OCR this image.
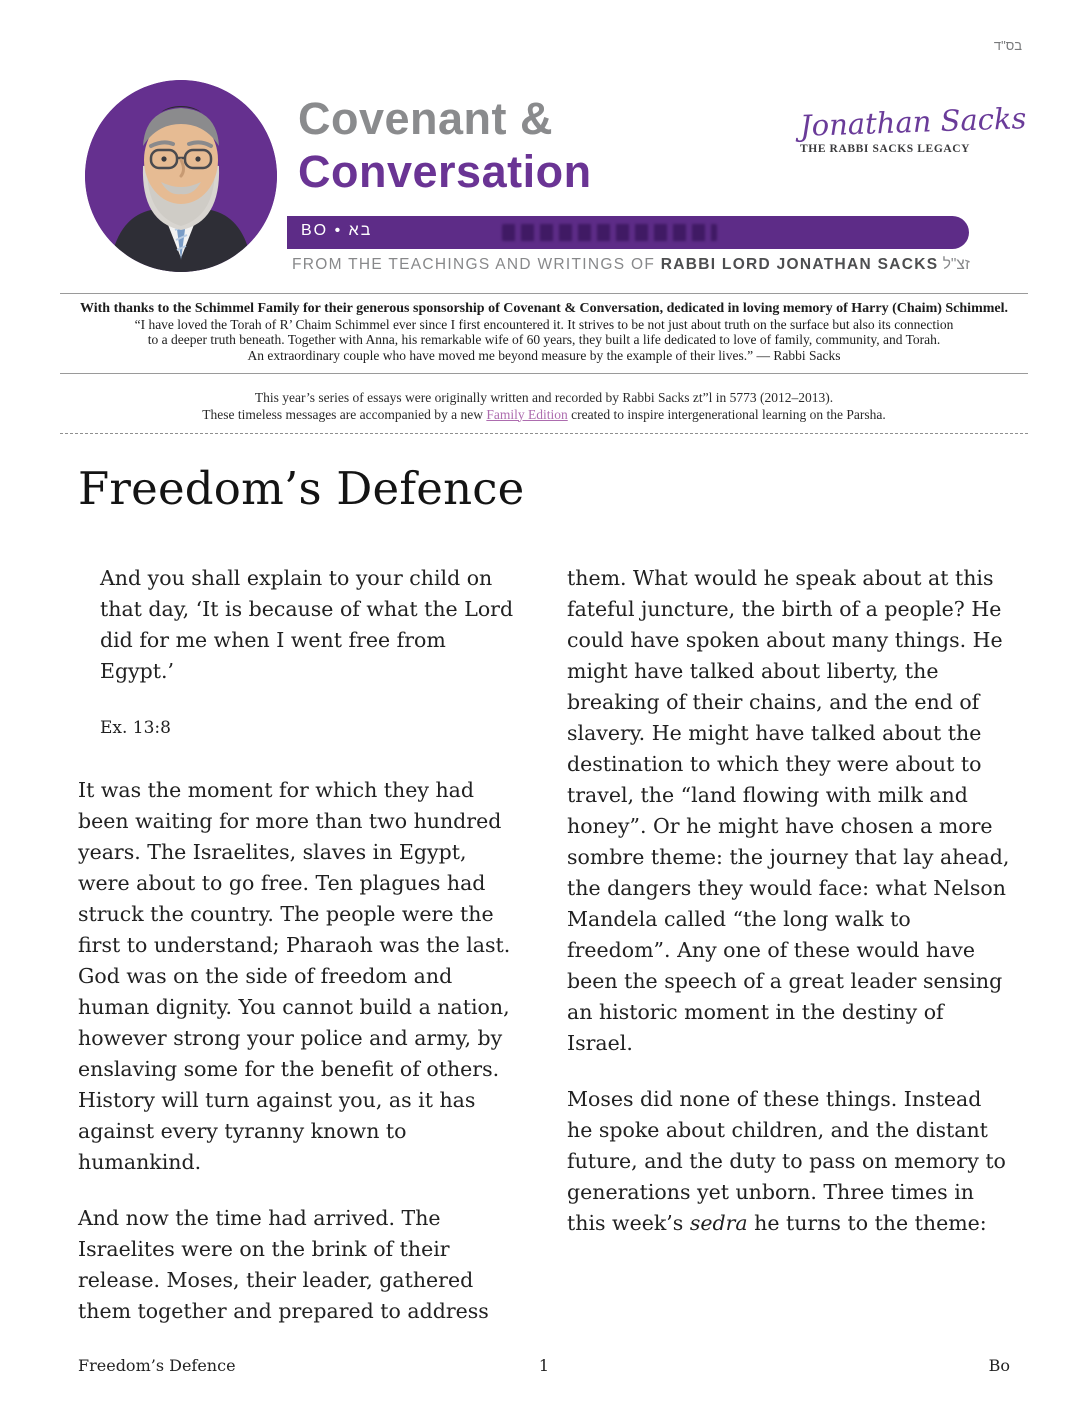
בס"ד
Covenant &
Conversation
BO • בא
FROM THE TEACHINGS AND WRITINGS OF RABBI LORD JONATHAN SACKS זצ"ל
Jonathan Sacks
THE RABBI SACKS LEGACY
With thanks to the Schimmel Family for their generous sponsorship of Covenant & Conversation, dedicated in loving memory of Harry (Chaim) Schimmel.
“I have loved the Torah of R’ Chaim Schimmel ever since I first encountered it. It strives to be not just about truth on the surface but also its connection
to a deeper truth beneath. Together with Anna, his remarkable wife of 60 years, they built a life dedicated to love of family, community, and Torah.
An extraordinary couple who have moved me beyond measure by the example of their lives.” — Rabbi Sacks
This year’s series of essays were originally written and recorded by Rabbi Sacks zt”l in 5773 (2012–2013).
These timeless messages are accompanied by a new Family Edition created to inspire intergenerational learning on the Parsha.
Freedom’s Defence
And you shall explain to your child on that day, ‘It is because of what the Lord did for me when I went free from Egypt.’
Ex. 13:8

It was the moment for which they had been waiting for more than two hundred years. The Israelites, slaves in Egypt, were about to go free. Ten plagues had struck the country. The people were the first to understand; Pharaoh was the last. God was on the side of freedom and human dignity. You cannot build a nation, however strong your police and army, by enslaving some for the benefit of others. History will turn against you, as it has against every tyranny known to humankind.

And now the time had arrived. The Israelites were on the brink of their release. Moses, their leader, gathered them together and prepared to address

them. What would he speak about at this fateful juncture, the birth of a people? He could have spoken about many things. He might have talked about liberty, the breaking of their chains, and the end of slavery. He might have talked about the destination to which they were about to travel, the “land flowing with milk and honey”. Or he might have chosen a more sombre theme: the journey that lay ahead, the dangers they would face: what Nelson Mandela called “the long walk to freedom”. Any one of these would have been the speech of a great leader sensing an historic moment in the destiny of Israel.

Moses did none of these things. Instead he spoke about children, and the distant future, and the duty to pass on memory to generations yet unborn. Three times in this week’s sedra he turns to the theme:

Freedom’s Defence	1	Bo
